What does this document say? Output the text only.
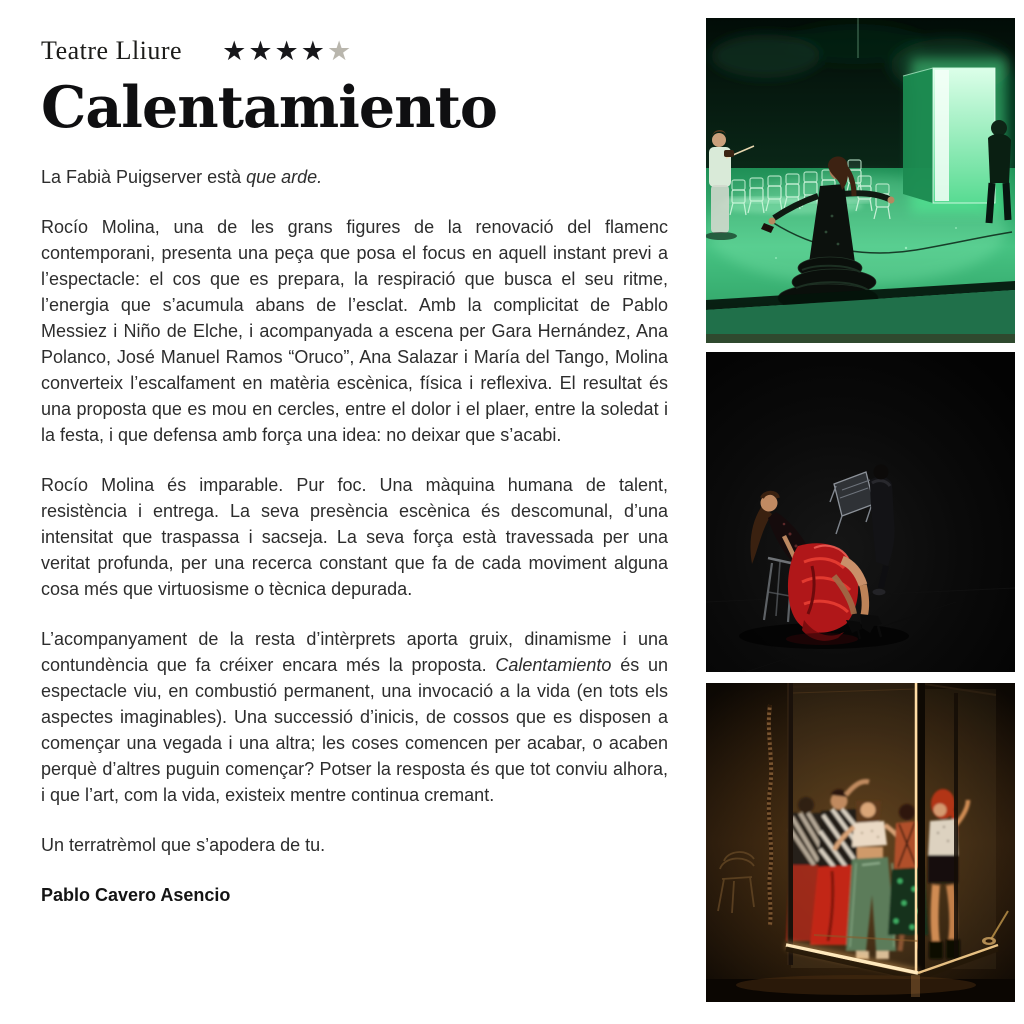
Teatre Lliure ★ ★ ★ ★ ★
Calentamiento

La Fabià Puigserver està que arde.

Rocío Molina, una de les grans figures de la renovació del flamenc contemporani, presenta una peça que posa el focus en aquell instant previ a l’espectacle: el cos que es prepara, la respiració que busca el seu ritme, l’energia que s’acumula abans de l’esclat. Amb la complicitat de Pablo Messiez i Niño de Elche, i acompanyada a escena per Gara Hernández, Ana Polanco, José Manuel Ramos “Oruco”, Ana Salazar i María del Tango, Molina converteix l’escalfament en matèria escènica, física i reflexiva. El resultat és una proposta que es mou en cercles, entre el dolor i el plaer, entre la soledat i la festa, i que defensa amb força una idea: no deixar que s’acabi.

Rocío Molina és imparable. Pur foc. Una màquina humana de talent, resistència i entrega. La seva presència escènica és descomunal, d’una intensitat que traspassa i sacseja. La seva força està travessada per una veritat profunda, per una recerca constant que fa de cada moviment alguna cosa més que virtuosisme o tècnica depurada.

L’acompanyament de la resta d’intèrprets aporta gruix, dinamisme i una contundència que fa créixer encara més la proposta. Calentamiento és un espectacle viu, en combustió permanent, una invocació a la vida (en tots els aspectes imaginables). Una successió d’inicis, de cossos que es disposen a començar una vegada i una altra; les coses comencen per acabar, o acaben perquè d’altres puguin començar? Potser la resposta és que tot conviu alhora, i que l’art, com la vida, existeix mentre continua cremant.

Un terratrèmol que s’apodera de tu.

Pablo Cavero Asencio
